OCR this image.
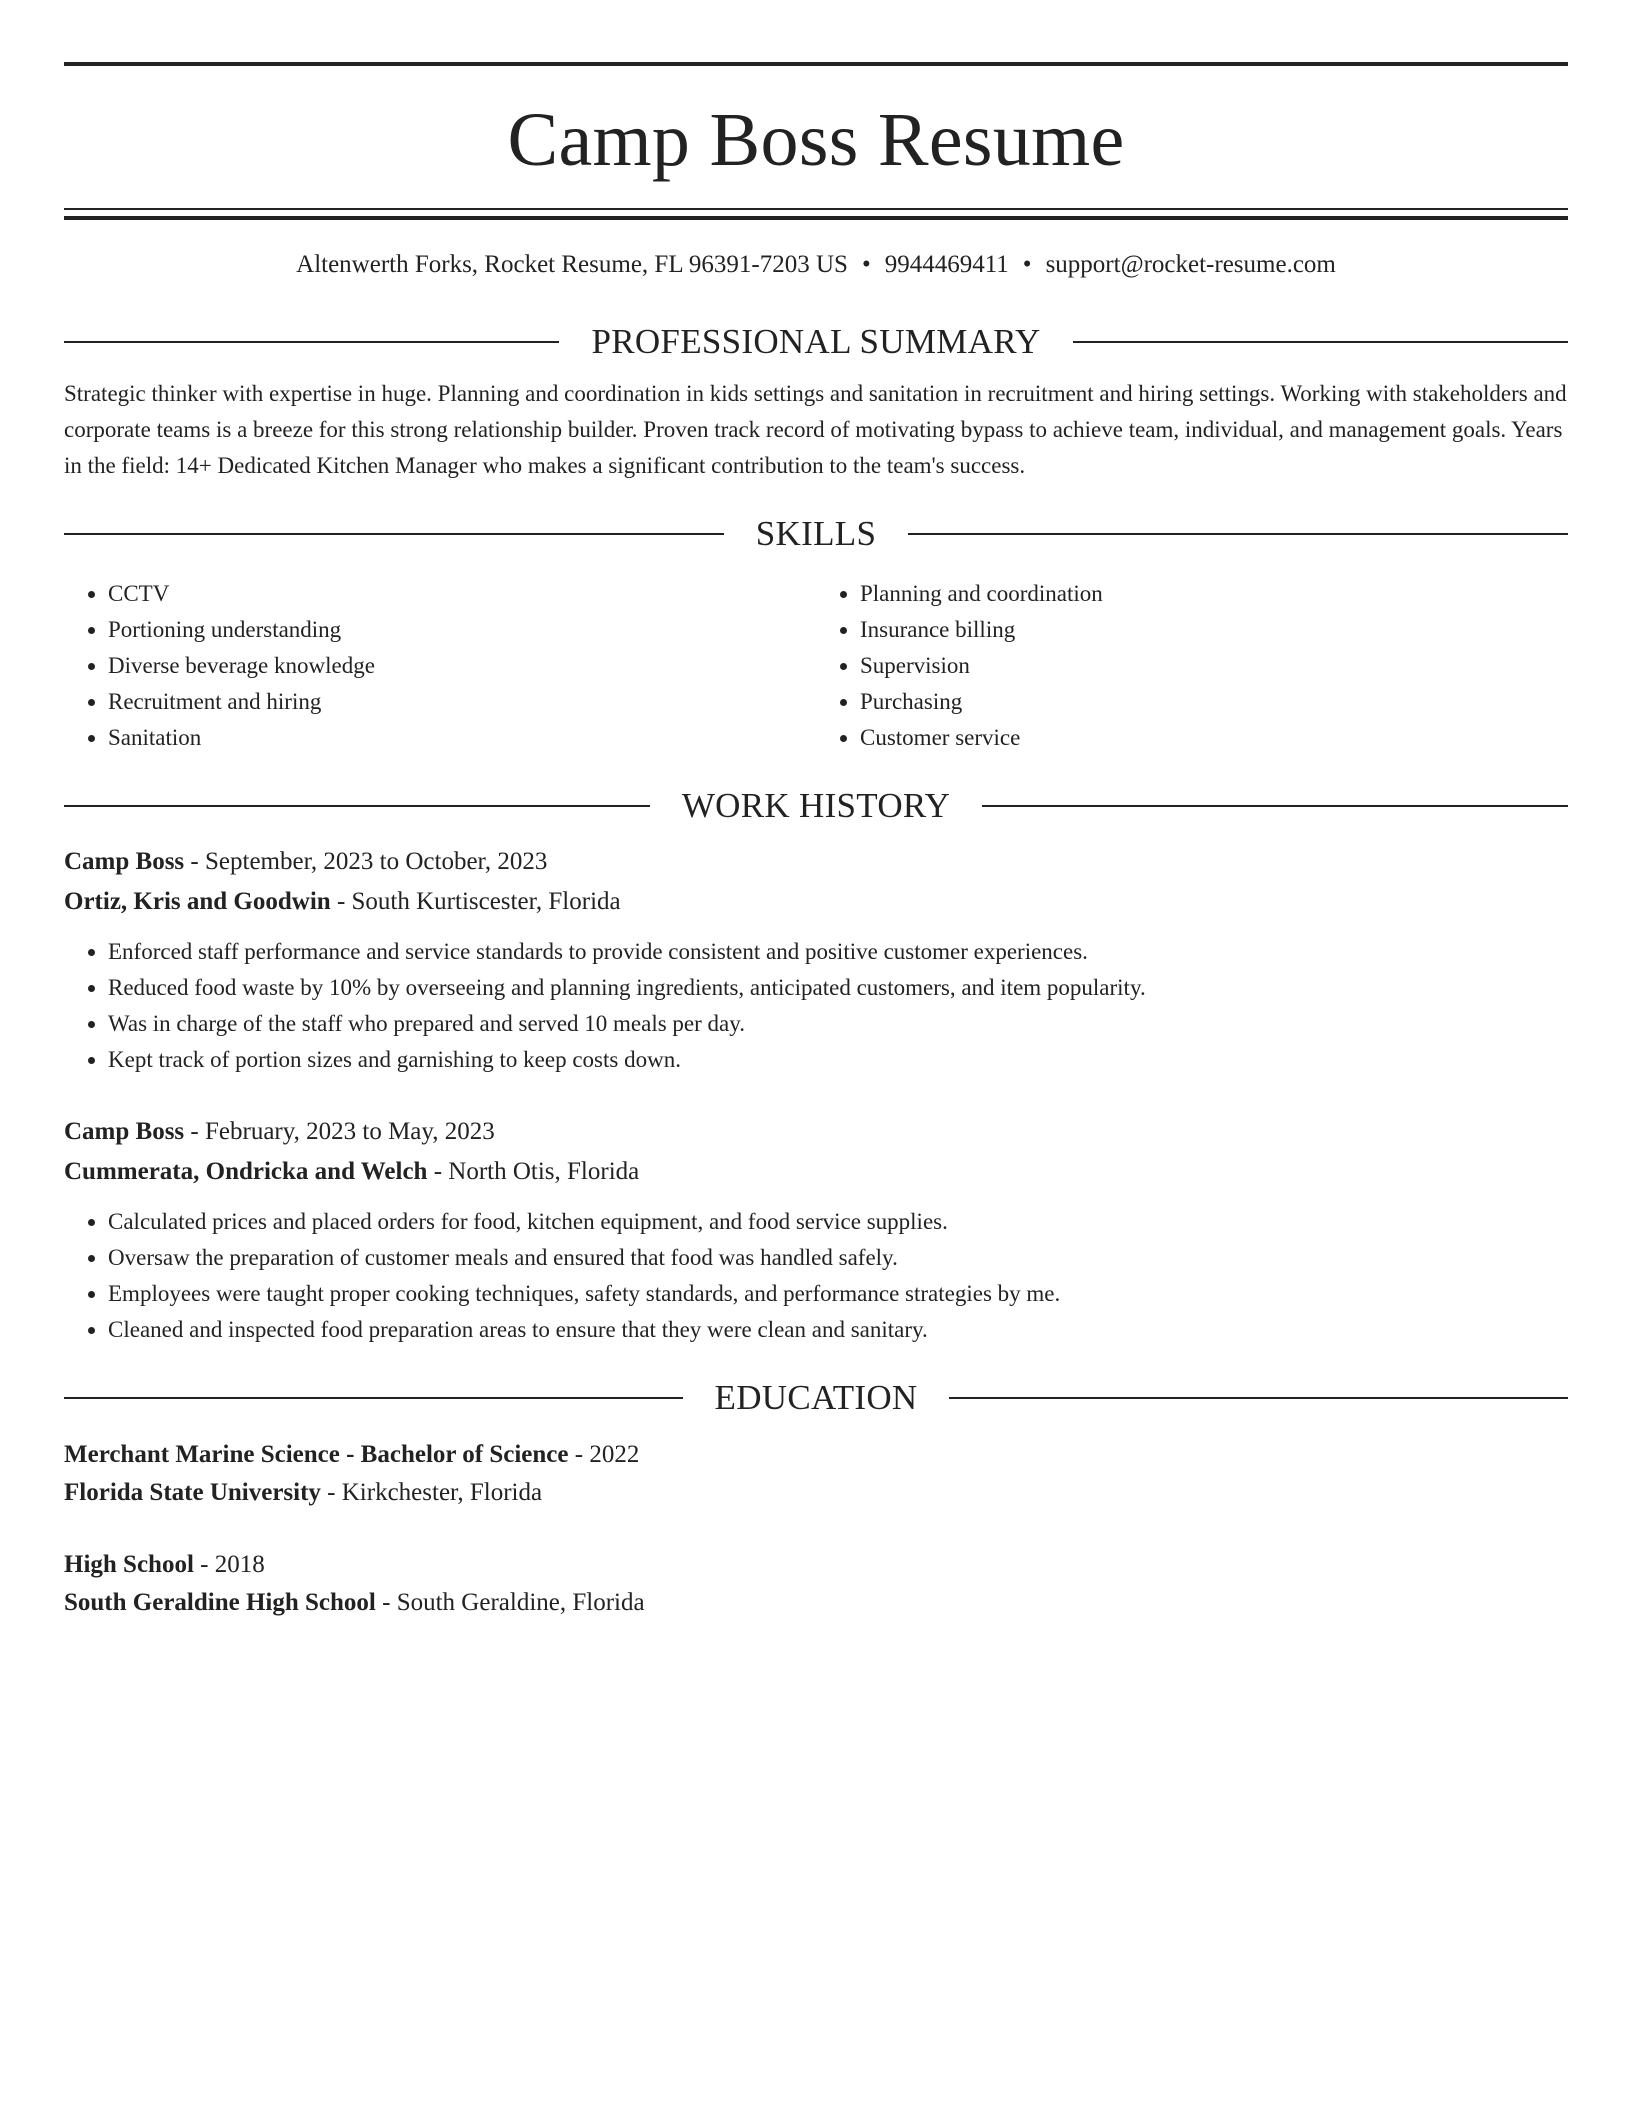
Camp Boss Resume
Altenwerth Forks, Rocket Resume, FL 96391-7203 US • 9944469411 • support@rocket-resume.com
PROFESSIONAL SUMMARY
Strategic thinker with expertise in huge. Planning and coordination in kids settings and sanitation in recruitment and hiring settings. Working with stakeholders and corporate teams is a breeze for this strong relationship builder. Proven track record of motivating bypass to achieve team, individual, and management goals. Years in the field: 14+ Dedicated Kitchen Manager who makes a significant contribution to the team's success.
SKILLS
• CCTV
• Portioning understanding
• Diverse beverage knowledge
• Recruitment and hiring
• Sanitation
• Planning and coordination
• Insurance billing
• Supervision
• Purchasing
• Customer service
WORK HISTORY
Camp Boss - September, 2023 to October, 2023
Ortiz, Kris and Goodwin - South Kurtiscester, Florida
• Enforced staff performance and service standards to provide consistent and positive customer experiences.
• Reduced food waste by 10% by overseeing and planning ingredients, anticipated customers, and item popularity.
• Was in charge of the staff who prepared and served 10 meals per day.
• Kept track of portion sizes and garnishing to keep costs down.
Camp Boss - February, 2023 to May, 2023
Cummerata, Ondricka and Welch - North Otis, Florida
• Calculated prices and placed orders for food, kitchen equipment, and food service supplies.
• Oversaw the preparation of customer meals and ensured that food was handled safely.
• Employees were taught proper cooking techniques, safety standards, and performance strategies by me.
• Cleaned and inspected food preparation areas to ensure that they were clean and sanitary.
EDUCATION
Merchant Marine Science - Bachelor of Science - 2022
Florida State University - Kirkchester, Florida
High School - 2018
South Geraldine High School - South Geraldine, Florida
